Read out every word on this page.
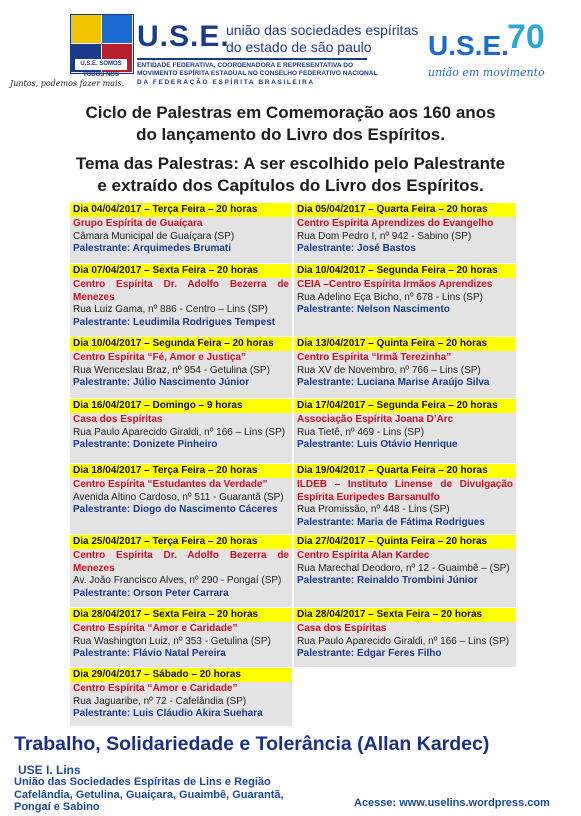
U.S.E. SOMOS TODOS NÓS
Juntos, podemos fazer mais.
U.S.E.
união das sociedades espíritas
do estado de são paulo
ENTIDADE FEDERATIVA, COORDENADORA E REPRESENTATIVA DO
MOVIMENTO ESPÍRITA ESTADUAL NO CONSELHO FEDERATIVO NACIONAL
DA FEDERAÇÃO ESPÍRITA BRASILEIRA
U.S.E.
70
união em movimento
Ciclo de Palestras em Comemoração aos 160 anos
do lançamento do Livro dos Espíritos.
Tema das Palestras: A ser escolhido pelo Palestrante
e extraído dos Capítulos do Livro dos Espíritos.
Dia 04/04/2017 – Terça Feira – 20 horas
Grupo Espírita de Guaíçara
Câmara Municipal de Guaíçara (SP)
Palestrante: Arquimedes Brumati
Dia 05/04/2017 – Quarta Feira – 20 horas
Centro Espírita Aprendizes do Evangelho
Rua Dom Pedro I, nº 942 - Sabino (SP)
Palestrante: José Bastos
Dia 07/04/2017 – Sexta Feira – 20 horas
Centro Espírita Dr. Adolfo Bezerra de Menezes
Rua Luiz Gama, nº 886 - Centro – Lins (SP)
Palestrante: Leudimila Rodrigues Tempest
Dia 10/04/2017 – Segunda Feira – 20 horas
CEIA –Centro Espírita Irmãos Aprendizes
Rua Adelino Eça Bicho, nº 678 - Lins (SP)
Palestrante: Nelson Nascimento
Dia 10/04/2017 – Segunda Feira – 20 horas
Centro Espírita “Fé, Amor e Justiça”
Rua Wenceslau Braz, nº 954 - Getulina (SP)
Palestrante: Júlio Nascimento Júnior
Dia 13/04/2017 – Quinta Feira – 20 horas
Centro Espírita “Irmã Terezinha”
Rua XV de Novembro, nº 766 – Lins (SP)
Palestrante: Luciana Marise Araújo Silva
Dia 16/04/2017 – Domingo – 9 horas
Casa dos Espíritas
Rua Paulo Aparecido Giraldi, nº 166 – Lins (SP)
Palestrante: Donizete Pinheiro
Dia 17/04/2017 – Segunda Feira – 20 horas
Associação Espírita Joana D’Arc
Rua Tietê, nº 469 - Lins (SP)
Palestrante: Luis Otávio Henrique
Dia 18/04/2017 – Terça Feira – 20 horas
Centro Espírita “Estudantes da Verdade”
Avenida Altino Cardoso, nº 511 - Guarantã (SP)
Palestrante: Diogo do Nascimento Cáceres
Dia 19/04/2017 – Quarta Feira – 20 horas
ILDEB – Instituto Linense de Divulgação Espírita Euripedes Barsanulfo
Rua Promissão, nº 448 - Lins (SP)
Palestrante: Maria de Fátima Rodrigues
Dia 25/04/2017 – Terça Feira – 20 horas
Centro Espírita Dr. Adolfo Bezerra de Menezes
Av. João Francisco Alves, nº 290 - Pongaí (SP)
Palestrante: Orson Peter Carrara
Dia 27/04/2017 – Quinta Feira – 20 horas
Centro Espírita Alan Kardec
Rua Marechal Deodoro, nº 12 - Guaimbê – (SP)
Palestrante: Reinaldo Trombini Júnior
Dia 28/04/2017 – Sexta Feira – 20 horas
Centro Espírita “Amor e Caridade”
Rua Washington Luiz, nº 353 - Getulina (SP)
Palestrante: Flávio Natal Pereira
Dia 28/04/2017 – Sexta Feira – 20 horas
Casa dos Espíritas
Rua Paulo Aparecido Giraldi, nº 166 – Lins (SP)
Palestrante: Edgar Feres Filho
Dia 29/04/2017 – Sábado – 20 horas
Centro Espírita “Amor e Caridade”
Rua Jaguaribe, nº 72 - Cafelândia (SP)
Palestrante: Luis Cláudio Akira Suehara
Trabalho, Solidariedade e Tolerância (Allan Kardec)
USE I. Lins
União das Sociedades Espíritas de Lins e Região
Cafelândia, Getulina, Guaiçara, Guaimbê, Guarantã,
Pongaí e Sabino	Acesse: www.uselins.wordpress.com
